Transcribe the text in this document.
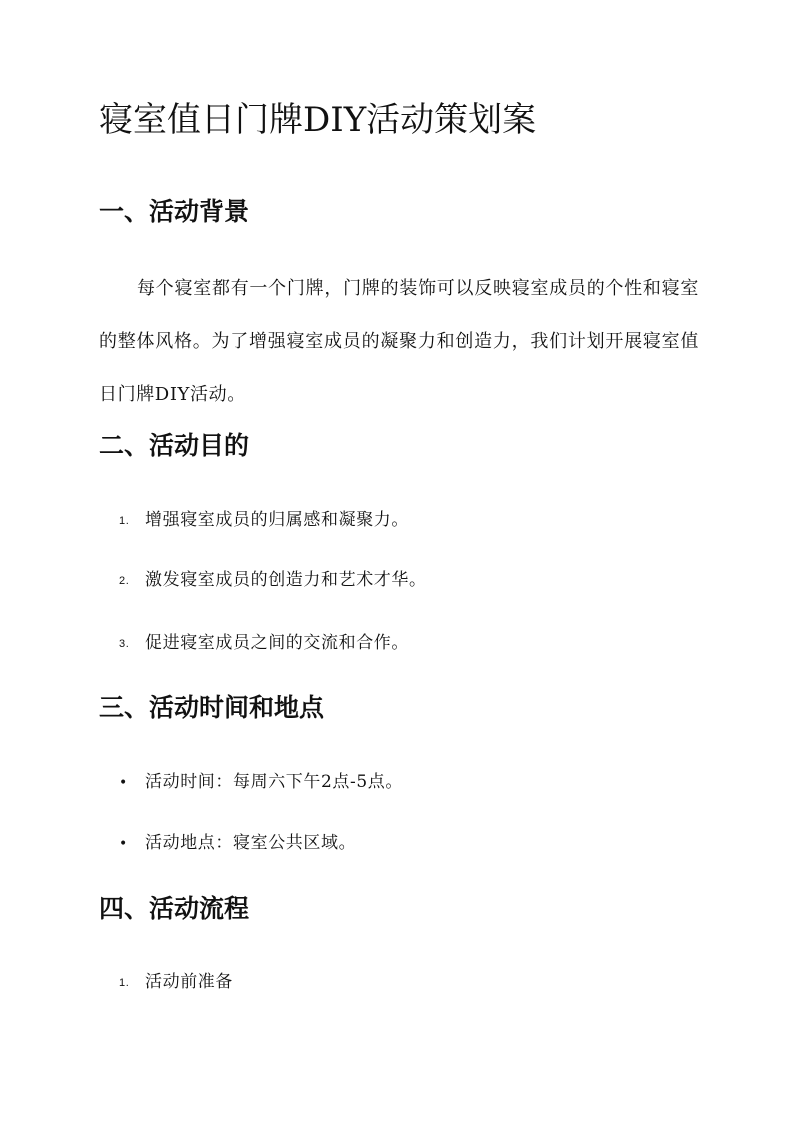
寝室值日门牌DIY活动策划案
一、活动背景

每个寝室都有一个门牌，门牌的装饰可以反映寝室成员的个性和寝室的整体风格。为了增强寝室成员的凝聚力和创造力，我们计划开展寝室值日门牌DIY活动。

二、活动目的
1. 增强寝室成员的归属感和凝聚力。
2. 激发寝室成员的创造力和艺术才华。
3. 促进寝室成员之间的交流和合作。
三、活动时间和地点
• 活动时间：每周六下午2点-5点。
• 活动地点：寝室公共区域。
四、活动流程
1. 活动前准备
